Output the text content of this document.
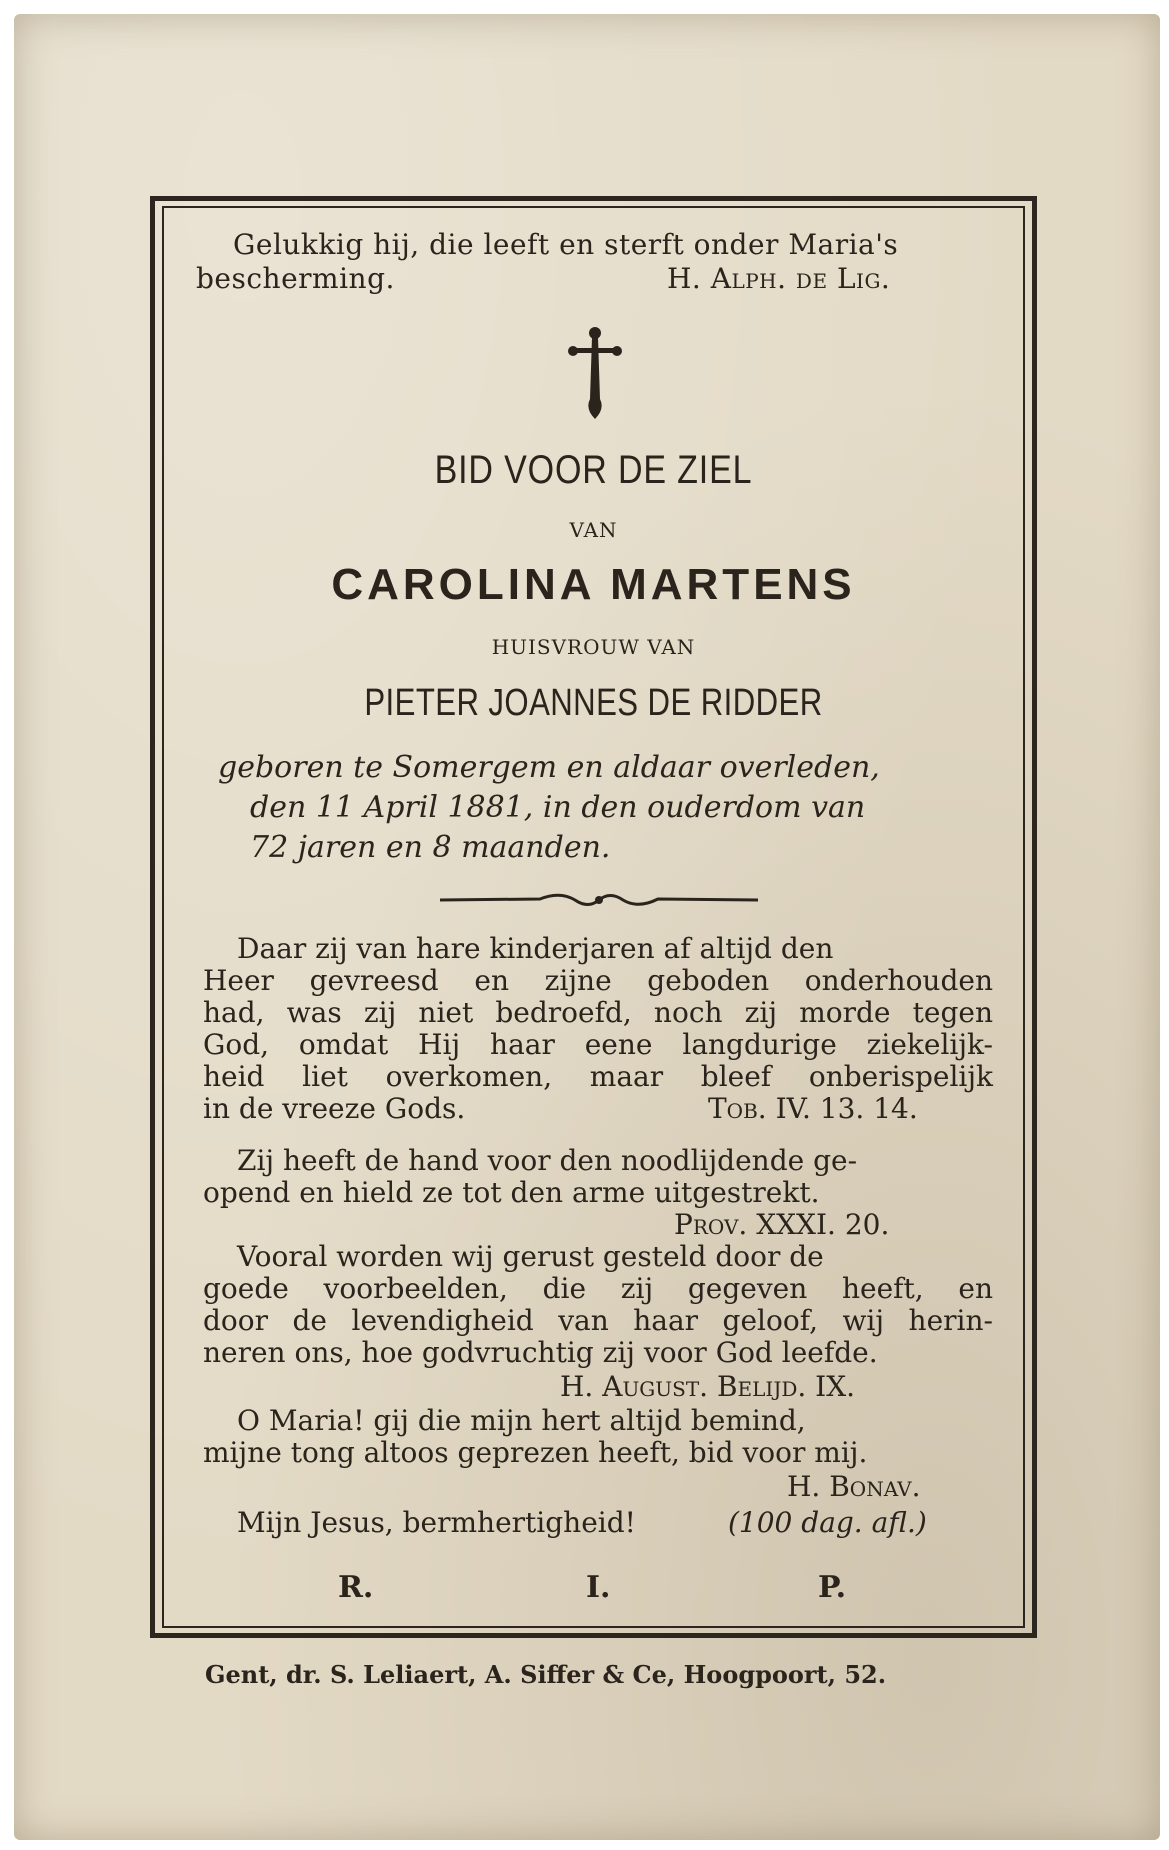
Gelukkig hij, die leeft en sterft onder Maria's
bescherming.	H. Alph. de Lig.
BID VOOR DE ZIEL
VAN
CAROLINA MARTENS
HUISVROUW VAN
PIETER JOANNES DE RIDDER
geboren te Somergem en aldaar overleden,
den 11 April 1881, in den ouderdom van
72 jaren en 8 maanden.
Daar zij van hare kinderjaren af altijd den
Heer gevreesd en zijne geboden onderhouden
had, was zij niet bedroefd, noch zij morde tegen
God, omdat Hij haar eene langdurige ziekelijk-
heid liet overkomen, maar bleef onberispelijk
in de vreeze Gods.	Tob. IV. 13. 14.
Zij heeft de hand voor den noodlijdende ge-
opend en hield ze tot den arme uitgestrekt.
Prov. XXXI. 20.
Vooral worden wij gerust gesteld door de
goede voorbeelden, die zij gegeven heeft, en
door de levendigheid van haar geloof, wij herin-
neren ons, hoe godvruchtig zij voor God leefde.
H. August. Belijd. IX.
O Maria! gij die mijn hert altijd bemind,
mijne tong altoos geprezen heeft, bid voor mij.
H. Bonav.
Mijn Jesus, bermhertigheid!	(100 dag. afl.)
R.	I.	P.
Gent, dr. S. Leliaert, A. Siffer & Ce, Hoogpoort, 52.
